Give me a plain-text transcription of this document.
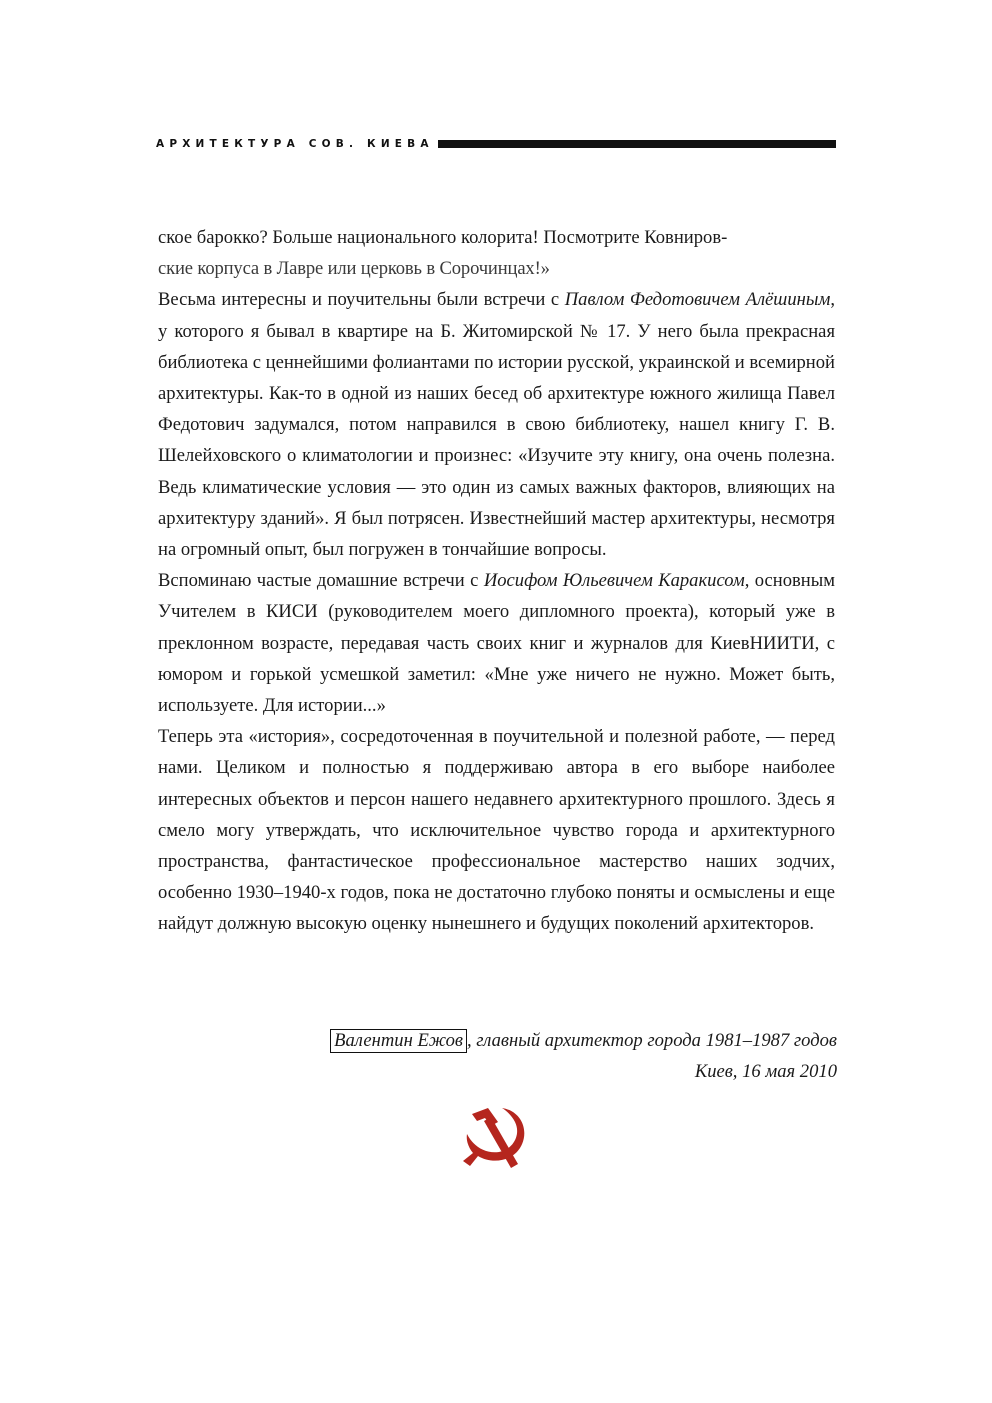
АРХИТЕКТУРА СОВ. КИЕВА

ское барокко? Больше национального колорита! Посмотрите Ковниров-
ские корпуса в Лавре или церковь в Сорочинцах!»

Весьма интересны и поучительны были встречи с Павлом Федотовичем Алёшиным, у которого я бывал в квартире на Б. Житомирской № 17. У него была прекрасная библиотека с ценнейшими фолиантами по истории русской, украинской и всемирной архитектуры. Как-то в одной из наших бесед об архитектуре южного жилища Павел Федотович задумался, потом направился в свою библиотеку, нашел книгу Г. В. Шелейховского о климатологии и произнес: «Изучите эту книгу, она очень полезна. Ведь климатические условия — это один из самых важных факторов, влияющих на архитектуру зданий». Я был потрясен. Известнейший мастер архитектуры, несмотря на огромный опыт, был погружен в тончайшие вопросы.

Вспоминаю частые домашние встречи с Иосифом Юльевичем Каракисом, основным Учителем в КИСИ (руководителем моего дипломного проекта), который уже в преклонном возрасте, передавая часть своих книг и журналов для КиевНИИТИ, с юмором и горькой усмешкой заметил: «Мне уже ничего не нужно. Может быть, используете. Для истории...»

Теперь эта «история», сосредоточенная в поучительной и полезной работе, — перед нами. Целиком и полностью я поддерживаю автора в его выборе наиболее интересных объектов и персон нашего недавнего архитектурного прошлого. Здесь я смело могу утверждать, что исключительное чувство города и архитектурного пространства, фантастическое профессиональное мастерство наших зодчих, особенно 1930–1940-х годов, пока не достаточно глубоко поняты и осмыслены и еще найдут должную высокую оценку нынешнего и будущих поколений архитекторов.

Валентин Ежов , главный архитектор города 1981–1987 годов
Киев, 16 мая 2010
